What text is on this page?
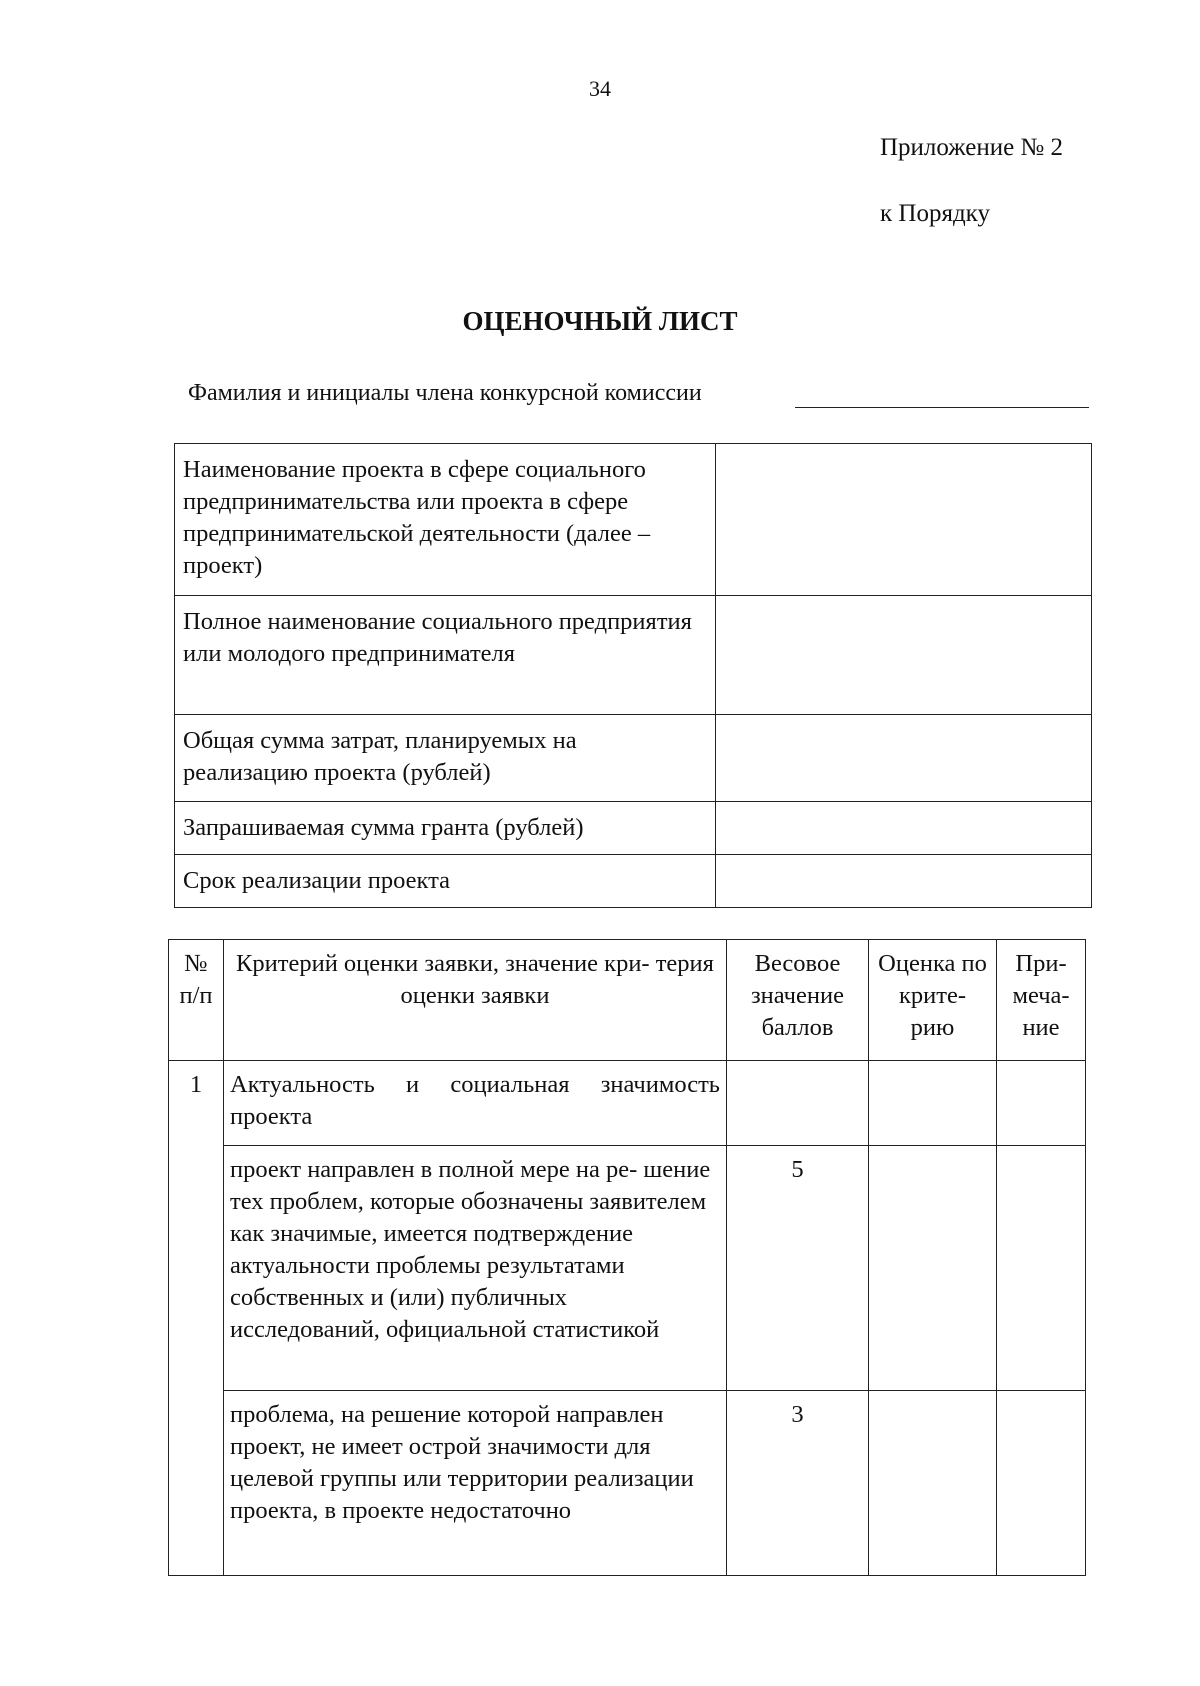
34
Приложение № 2
к Порядку
ОЦЕНОЧНЫЙ ЛИСТ
Фамилия и инициалы члена конкурсной комиссии
Наименование проекта в сфере социального предпринимательства или проекта в сфере предпринимательской деятельности (далее – проект)	
Полное наименование социального предприятия или молодого предпринимателя	
Общая сумма затрат, планируемых на реализацию проекта (рублей)	
Запрашиваемая сумма гранта (рублей)	
Срок реализации проекта	
№ п/п	Критерий оценки заявки, значение кри- терия оценки заявки	Весовое значение баллов	Оценка по крите- рию	При- меча- ние
1	Актуальность и социальная значимость проекта			
	проект направлен в полной мере на ре- шение тех проблем, которые обозначены заявителем как значимые, имеется подтверждение актуальности проблемы результатами собственных и (или) публичных исследований, официальной статистикой	5		
	проблема, на решение которой направлен проект, не имеет острой значимости для целевой группы или территории реализации проекта, в проекте недостаточно	3		
